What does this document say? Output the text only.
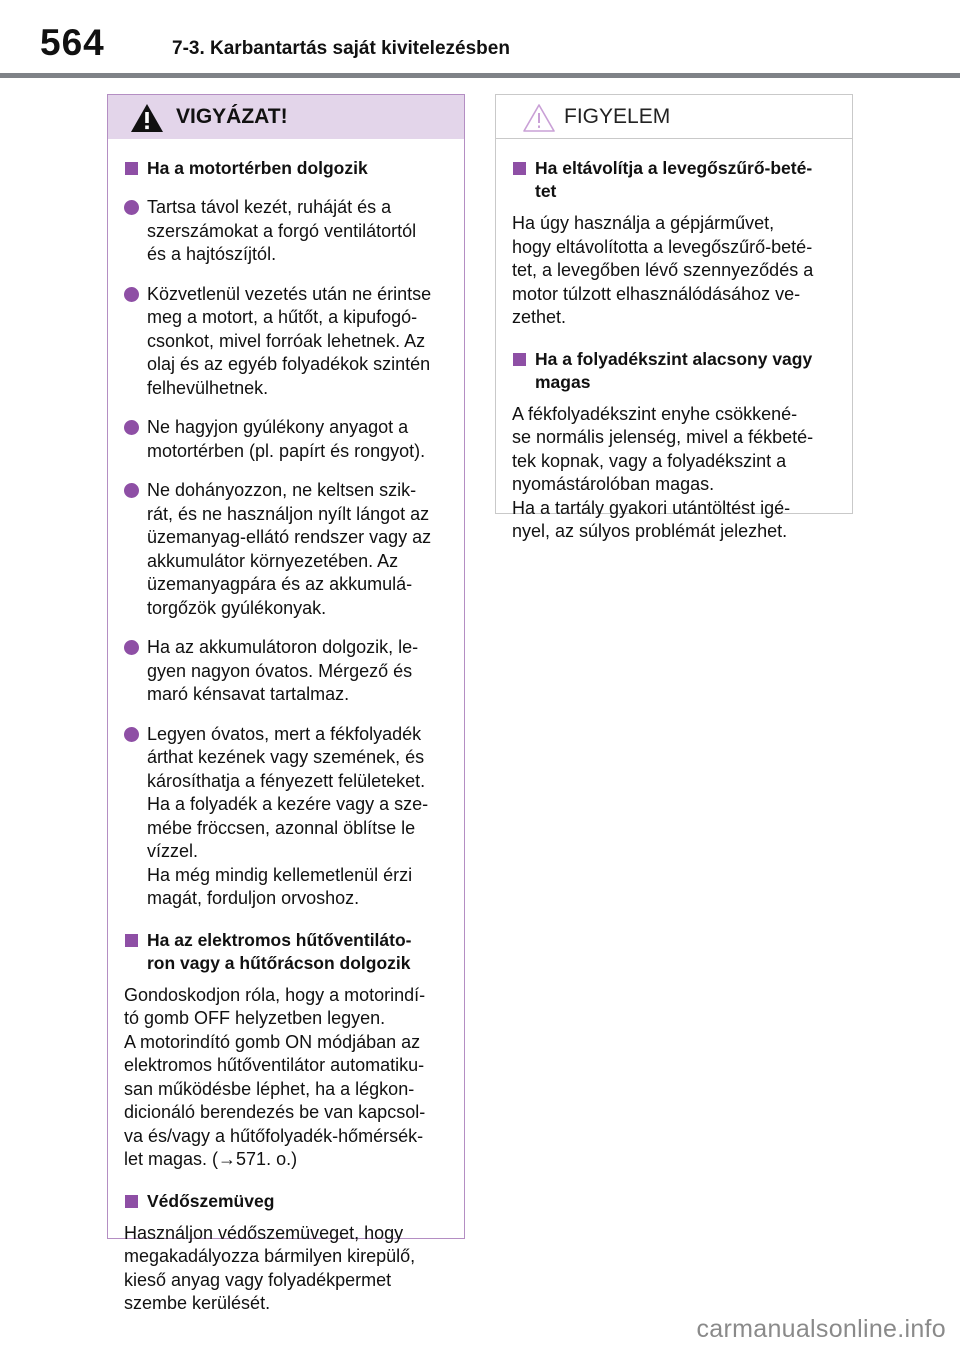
564	7-3. Karbantartás saját kivitelezésben
VIGYÁZAT!
Ha a motortérben dolgozik
Tartsa távol kezét, ruháját és a
szerszámokat a forgó ventilátortól
és a hajtószíjtól.
Közvetlenül vezetés után ne érintse
meg a motort, a hűtőt, a kipufogó-
csonkot, mivel forróak lehetnek. Az
olaj és az egyéb folyadékok szintén
felhevülhetnek.
Ne hagyjon gyúlékony anyagot a
motortérben (pl. papírt és rongyot).
Ne dohányozzon, ne keltsen szik-
rát, és ne használjon nyílt lángot az
üzemanyag-ellátó rendszer vagy az
akkumulátor környezetében. Az
üzemanyagpára és az akkumulá-
torgőzök gyúlékonyak.
Ha az akkumulátoron dolgozik, le-
gyen nagyon óvatos. Mérgező és
maró kénsavat tartalmaz.
Legyen óvatos, mert a fékfolyadék
árthat kezének vagy szemének, és
károsíthatja a fényezett felületeket.
Ha a folyadék a kezére vagy a sze-
mébe fröccsen, azonnal öblítse le
vízzel.
Ha még mindig kellemetlenül érzi
magát, forduljon orvoshoz.
Ha az elektromos hűtőventiláto-
ron vagy a hűtőrácson dolgozik
Gondoskodjon róla, hogy a motorindí-
tó gomb OFF helyzetben legyen.
A motorindító gomb ON módjában az
elektromos hűtőventilátor automatiku-
san működésbe léphet, ha a légkon-
dicionáló berendezés be van kapcsol-
va és/vagy a hűtőfolyadék-hőmérsék-
let magas. (→571. o.)
Védőszemüveg
Használjon védőszemüveget, hogy
megakadályozza bármilyen kirepülő,
kieső anyag vagy folyadékpermet
szembe kerülését.
FIGYELEM
Ha eltávolítja a levegőszűrő-beté-
tet
Ha úgy használja a gépjárművet,
hogy eltávolította a levegőszűrő-beté-
tet, a levegőben lévő szennyeződés a
motor túlzott elhasználódásához ve-
zethet.
Ha a folyadékszint alacsony vagy
magas
A fékfolyadékszint enyhe csökkené-
se normális jelenség, mivel a fékbeté-
tek kopnak, vagy a folyadékszint a
nyomástárolóban magas.
Ha a tartály gyakori utántöltést igé-
nyel, az súlyos problémát jelezhet.
carmanualsonline.info
